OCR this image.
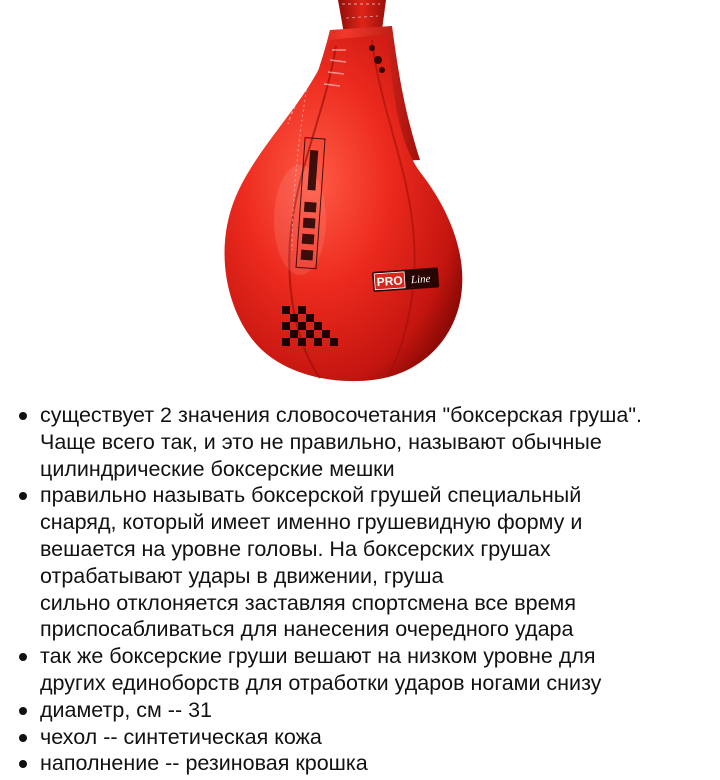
PRO Line
существует 2 значения словосочетания "боксерская груша".
Чаще всего так, и это не правильно, называют обычные
цилиндрические боксерские мешки
правильно называть боксерской грушей специальный
снаряд, который имеет именно грушевидную форму и
вешается на уровне головы. На боксерских грушах
отрабатывают удары в движении, груша
сильно отклоняется заставляя спортсмена все время
приспосабливаться для нанесения очередного удара
так же боксерские груши вешают на низком уровне для
других единоборств для отработки ударов ногами снизу
диаметр, см -- 31
чехол -- синтетическая кожа
наполнение -- резиновая крошка
